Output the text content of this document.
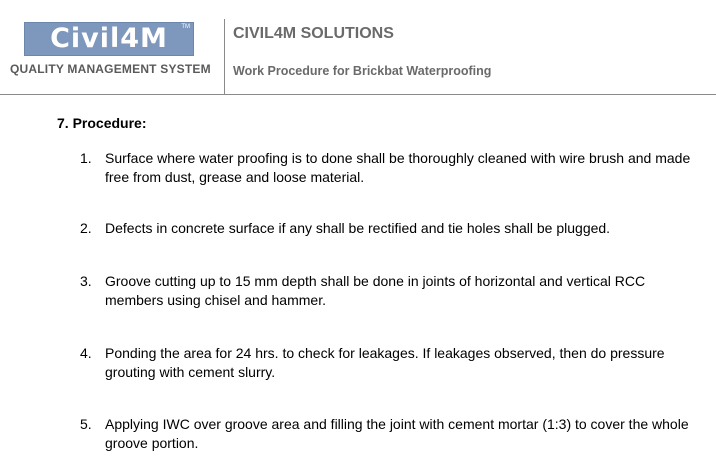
Civil4M	TM
QUALITY MANAGEMENT SYSTEM
CIVIL4M SOLUTIONS
Work Procedure for Brickbat Waterproofing
7. Procedure:
1. Surface where water proofing is to done shall be thoroughly cleaned with wire brush and made free from dust, grease and loose material.
2. Defects in concrete surface if any shall be rectified and tie holes shall be plugged.
3. Groove cutting up to 15 mm depth shall be done in joints of horizontal and vertical RCC members using chisel and hammer.
4. Ponding the area for 24 hrs. to check for leakages. If leakages observed, then do pressure grouting with cement slurry.
5. Applying IWC over groove area and filling the joint with cement mortar (1:3) to cover the whole groove portion.
